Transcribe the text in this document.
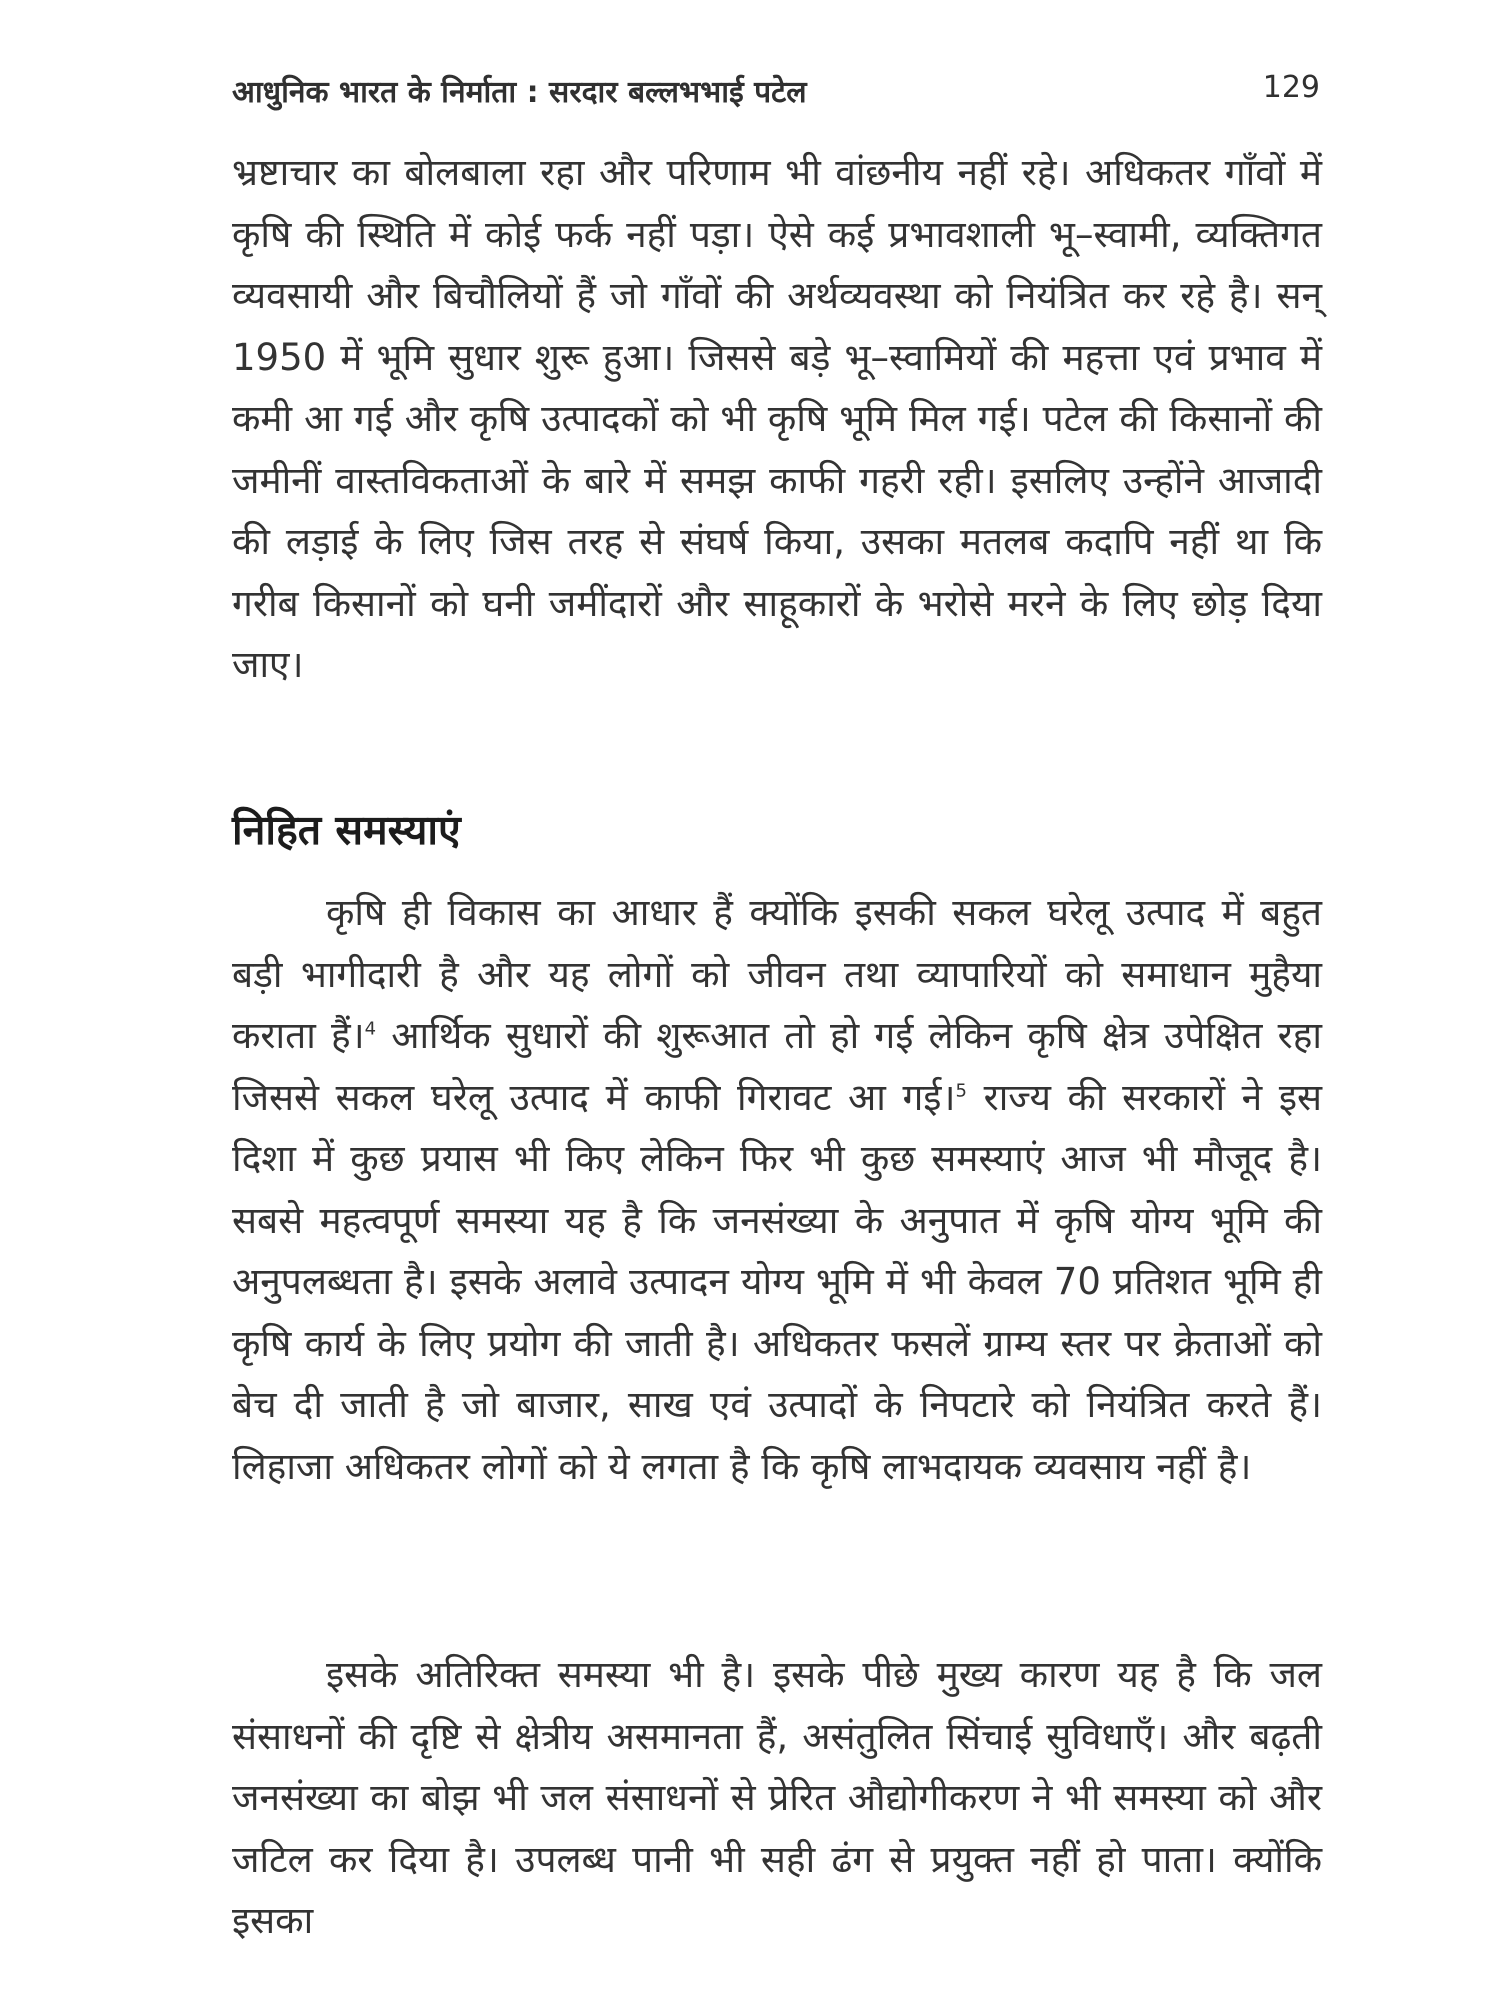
आधुनिक भारत के निर्माता : सरदार बल्लभभाई पटेल	129

भ्रष्टाचार का बोलबाला रहा और परिणाम भी वांछनीय नहीं रहे। अधिकतर गाँवों में कृषि की स्थिति में कोई फर्क नहीं पड़ा। ऐसे कई प्रभावशाली भू–स्वामी, व्यक्तिगत व्यवसायी और बिचौलियों हैं जो गाँवों की अर्थव्यवस्था को नियंत्रित कर रहे है। सन् 1950 में भूमि सुधार शुरू हुआ। जिससे बड़े भू–स्वामियों की महत्ता एवं प्रभाव में कमी आ गई और कृषि उत्पादकों को भी कृषि भूमि मिल गई। पटेल की किसानों की जमीनीं वास्तविकताओं के बारे में समझ काफी गहरी रही। इसलिए उन्होंने आजादी की लड़ाई के लिए जिस तरह से संघर्ष किया, उसका मतलब कदापि नहीं था कि गरीब किसानों को घनी जमींदारों और साहूकारों के भरोसे मरने के लिए छोड़ दिया जाए।

निहित समस्याएं

कृषि ही विकास का आधार हैं क्योंकि इसकी सकल घरेलू उत्पाद में बहुत बड़ी भागीदारी है और यह लोगों को जीवन तथा व्यापारियों को समाधान मुहैया कराता हैं।$^4$ आर्थिक सुधारों की शुरूआत तो हो गई लेकिन कृषि क्षेत्र उपेक्षित रहा जिससे सकल घरेलू उत्पाद में काफी गिरावट आ गई।$^5$ राज्य की सरकारों ने इस दिशा में कुछ प्रयास भी किए लेकिन फिर भी कुछ समस्याएं आज भी मौजूद है। सबसे महत्वपूर्ण समस्या यह है कि जनसंख्या के अनुपात में कृषि योग्य भूमि की अनुपलब्धता है। इसके अलावे उत्पादन योग्य भूमि में भी केवल 70 प्रतिशत भूमि ही कृषि कार्य के लिए प्रयोग की जाती है। अधिकतर फसलें ग्राम्य स्तर पर क्रेताओं को बेच दी जाती है जो बाजार, साख एवं उत्पादों के निपटारे को नियंत्रित करते हैं। लिहाजा अधिकतर लोगों को ये लगता है कि कृषि लाभदायक व्यवसाय नहीं है।

इसके अतिरिक्त समस्या भी है। इसके पीछे मुख्य कारण यह है कि जल संसाधनों की दृष्टि से क्षेत्रीय असमानता हैं, असंतुलित सिंचाई सुविधाएँ। और बढ़ती जनसंख्या का बोझ भी जल संसाधनों से प्रेरित औद्योगीकरण ने भी समस्या को और जटिल कर दिया है। उपलब्ध पानी भी सही ढंग से प्रयुक्त नहीं हो पाता। क्योंकि इसका
